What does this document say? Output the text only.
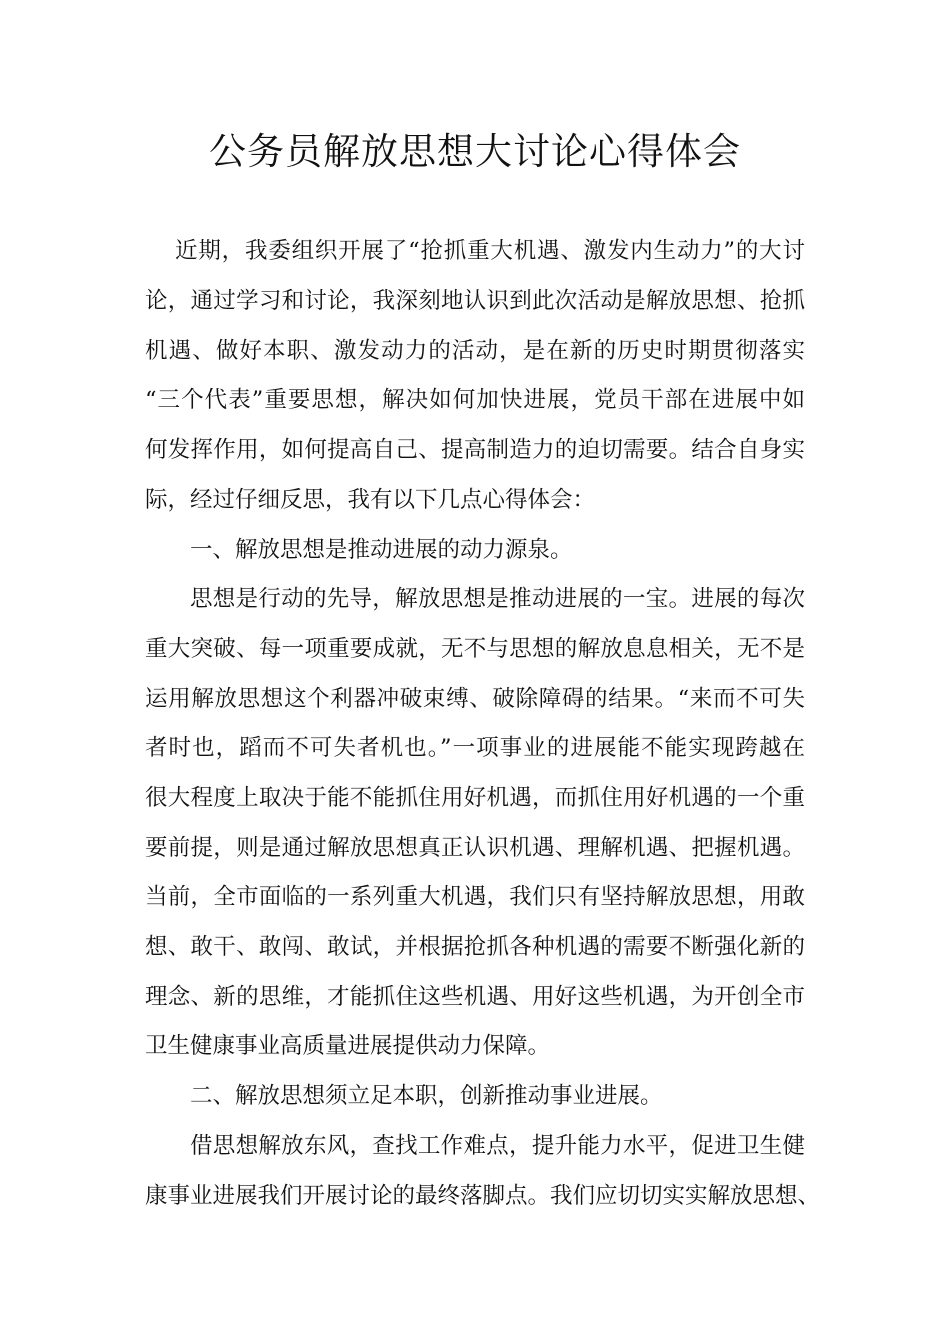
公务员解放思想大讨论心得体会

近期，我委组织开展了“抢抓重大机遇、激发内生动力”的大讨

论，通过学习和讨论，我深刻地认识到此次活动是解放思想、抢抓

机遇、做好本职、激发动力的活动，是在新的历史时期贯彻落实

“三个代表”重要思想，解决如何加快进展，党员干部在进展中如

何发挥作用，如何提高自己、提高制造力的迫切需要。结合自身实

际，经过仔细反思，我有以下几点心得体会：

一、解放思想是推动进展的动力源泉。

思想是行动的先导，解放思想是推动进展的一宝。进展的每次

重大突破、每一项重要成就，无不与思想的解放息息相关，无不是

运用解放思想这个利器冲破束缚、破除障碍的结果。“来而不可失

者时也，蹈而不可失者机也。”一项事业的进展能不能实现跨越在

很大程度上取决于能不能抓住用好机遇，而抓住用好机遇的一个重

要前提，则是通过解放思想真正认识机遇、理解机遇、把握机遇。

当前，全市面临的一系列重大机遇，我们只有坚持解放思想，用敢

想、敢干、敢闯、敢试，并根据抢抓各种机遇的需要不断强化新的

理念、新的思维，才能抓住这些机遇、用好这些机遇，为开创全市

卫生健康事业高质量进展提供动力保障。

二、解放思想须立足本职，创新推动事业进展。

借思想解放东风，查找工作难点，提升能力水平，促进卫生健

康事业进展我们开展讨论的最终落脚点。我们应切切实实解放思想、
